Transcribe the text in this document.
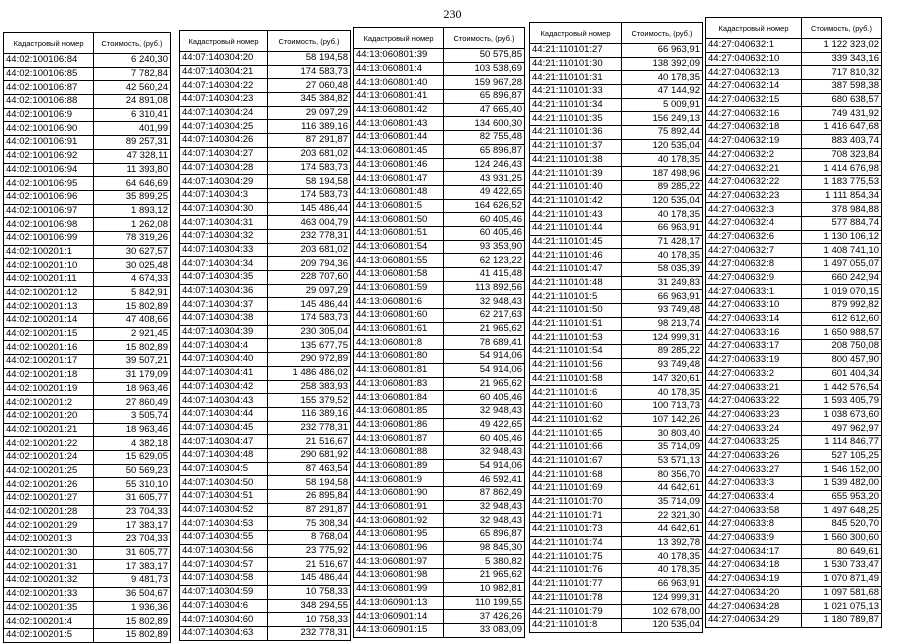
230
Кадастровый номер	Стоимость, (руб.)
44:02:100106:84	6 240,30
44:02:100106:85	7 782,84
44:02:100106:87	42 560,24
44:02:100106:88	24 891,08
44:02:100106:9	6 310,41
44:02:100106:90	401,99
44:02:100106:91	89 257,31
44:02:100106:92	47 328,11
44:02:100106:94	11 393,80
44:02:100106:95	64 646,69
44:02:100106:96	35 899,25
44:02:100106:97	1 893,12
44:02:100106:98	1 262,08
44:02:100106:99	78 319,26
44:02:100201:1	30 627,57
44:02:100201:10	30 025,48
44:02:100201:11	4 674,33
44:02:100201:12	5 842,91
44:02:100201:13	15 802,89
44:02:100201:14	47 408,66
44:02:100201:15	2 921,45
44:02:100201:16	15 802,89
44:02:100201:17	39 507,21
44:02:100201:18	31 179,09
44:02:100201:19	18 963,46
44:02:100201:2	27 860,49
44:02:100201:20	3 505,74
44:02:100201:21	18 963,46
44:02:100201:22	4 382,18
44:02:100201:24	15 629,05
44:02:100201:25	50 569,23
44:02:100201:26	55 310,10
44:02:100201:27	31 605,77
44:02:100201:28	23 704,33
44:02:100201:29	17 383,17
44:02:100201:3	23 704,33
44:02:100201:30	31 605,77
44:02:100201:31	17 383,17
44:02:100201:32	9 481,73
44:02:100201:33	36 504,67
44:02:100201:35	1 936,36
44:02:100201:4	15 802,89
44:02:100201:5	15 802,89
Кадастровый номер	Стоимость, (руб.)
44:07:140304:20	58 194,58
44:07:140304:21	174 583,73
44:07:140304:22	27 060,48
44:07:140304:23	345 384,82
44:07:140304:24	29 097,29
44:07:140304:25	116 389,16
44:07:140304:26	87 291,87
44:07:140304:27	203 681,02
44:07:140304:28	174 583,73
44:07:140304:29	58 194,58
44:07:140304:3	174 583,73
44:07:140304:30	145 486,44
44:07:140304:31	463 004,79
44:07:140304:32	232 778,31
44:07:140304:33	203 681,02
44:07:140304:34	209 794,36
44:07:140304:35	228 707,60
44:07:140304:36	29 097,29
44:07:140304:37	145 486,44
44:07:140304:38	174 583,73
44:07:140304:39	230 305,04
44:07:140304:4	135 677,75
44:07:140304:40	290 972,89
44:07:140304:41	1 486 486,02
44:07:140304:42	258 383,93
44:07:140304:43	155 379,52
44:07:140304:44	116 389,16
44:07:140304:45	232 778,31
44:07:140304:47	21 516,67
44:07:140304:48	290 681,92
44:07:140304:5	87 463,54
44:07:140304:50	58 194,58
44:07:140304:51	26 895,84
44:07:140304:52	87 291,87
44:07:140304:53	75 308,34
44:07:140304:55	8 768,04
44:07:140304:56	23 775,92
44:07:140304:57	21 516,67
44:07:140304:58	145 486,44
44:07:140304:59	10 758,33
44:07:140304:6	348 294,55
44:07:140304:60	10 758,33
44:07:140304:63	232 778,31
Кадастровый номер	Стоимость, (руб.)
44:13:060801:39	50 575,85
44:13:060801:4	103 538,69
44:13:060801:40	159 967,28
44:13:060801:41	65 896,87
44:13:060801:42	47 665,40
44:13:060801:43	134 600,30
44:13:060801:44	82 755,48
44:13:060801:45	65 896,87
44:13:060801:46	124 246,43
44:13:060801:47	43 931,25
44:13:060801:48	49 422,65
44:13:060801:5	164 626,52
44:13:060801:50	60 405,46
44:13:060801:51	60 405,46
44:13:060801:54	93 353,90
44:13:060801:55	62 123,22
44:13:060801:58	41 415,48
44:13:060801:59	113 892,56
44:13:060801:6	32 948,43
44:13:060801:60	62 217,63
44:13:060801:61	21 965,62
44:13:060801:8	78 689,41
44:13:060801:80	54 914,06
44:13:060801:81	54 914,06
44:13:060801:83	21 965,62
44:13:060801:84	60 405,46
44:13:060801:85	32 948,43
44:13:060801:86	49 422,65
44:13:060801:87	60 405,46
44:13:060801:88	32 948,43
44:13:060801:89	54 914,06
44:13:060801:9	46 592,41
44:13:060801:90	87 862,49
44:13:060801:91	32 948,43
44:13:060801:92	32 948,43
44:13:060801:95	65 896,87
44:13:060801:96	98 845,30
44:13:060801:97	5 380,82
44:13:060801:98	21 965,62
44:13:060801:99	10 982,81
44:13:060901:13	110 199,55
44:13:060901:14	37 426,26
44:13:060901:15	33 083,09
Кадастровый номер	Стоимость, (руб.)
44:21:110101:27	66 963,91
44:21:110101:30	138 392,09
44:21:110101:31	40 178,35
44:21:110101:33	47 144,92
44:21:110101:34	5 009,91
44:21:110101:35	156 249,13
44:21:110101:36	75 892,44
44:21:110101:37	120 535,04
44:21:110101:38	40 178,35
44:21:110101:39	187 498,96
44:21:110101:40	89 285,22
44:21:110101:42	120 535,04
44:21:110101:43	40 178,35
44:21:110101:44	66 963,91
44:21:110101:45	71 428,17
44:21:110101:46	40 178,35
44:21:110101:47	58 035,39
44:21:110101:48	31 249,83
44:21:110101:5	66 963,91
44:21:110101:50	93 749,48
44:21:110101:51	98 213,74
44:21:110101:53	124 999,31
44:21:110101:54	89 285,22
44:21:110101:56	93 749,48
44:21:110101:58	147 320,61
44:21:110101:6	40 178,35
44:21:110101:60	100 713,73
44:21:110101:62	107 142,26
44:21:110101:65	30 803,40
44:21:110101:66	35 714,09
44:21:110101:67	53 571,13
44:21:110101:68	80 356,70
44:21:110101:69	44 642,61
44:21:110101:70	35 714,09
44:21:110101:71	22 321,30
44:21:110101:73	44 642,61
44:21:110101:74	13 392,78
44:21:110101:75	40 178,35
44:21:110101:76	40 178,35
44:21:110101:77	66 963,91
44:21:110101:78	124 999,31
44:21:110101:79	102 678,00
44:21:110101:8	120 535,04
Кадастровый номер	Стоимость, (руб.)
44:27:040632:1	1 122 323,02
44:27:040632:10	339 343,16
44:27:040632:13	717 810,32
44:27:040632:14	387 598,38
44:27:040632:15	680 638,57
44:27:040632:16	749 431,92
44:27:040632:18	1 416 647,68
44:27:040632:19	883 403,74
44:27:040632:2	708 323,84
44:27:040632:21	1 414 676,98
44:27:040632:22	1 183 775,53
44:27:040632:23	1 111 854,34
44:27:040632:3	378 984,88
44:27:040632:4	577 884,74
44:27:040632:6	1 130 106,12
44:27:040632:7	1 408 741,10
44:27:040632:8	1 497 055,07
44:27:040632:9	660 242,94
44:27:040633:1	1 019 070,15
44:27:040633:10	879 992,82
44:27:040633:14	612 612,60
44:27:040633:16	1 650 988,57
44:27:040633:17	208 750,08
44:27:040633:19	800 457,90
44:27:040633:2	601 404,34
44:27:040633:21	1 442 576,54
44:27:040633:22	1 593 405,79
44:27:040633:23	1 038 673,60
44:27:040633:24	497 962,97
44:27:040633:25	1 114 846,77
44:27:040633:26	527 105,25
44:27:040633:27	1 546 152,00
44:27:040633:3	1 539 482,00
44:27:040633:4	655 953,20
44:27:040633:58	1 497 648,25
44:27:040633:8	845 520,70
44:27:040633:9	1 560 300,60
44:27:040634:17	80 649,61
44:27:040634:18	1 530 733,47
44:27:040634:19	1 070 871,49
44:27:040634:20	1 097 581,68
44:27:040634:28	1 021 075,13
44:27:040634:29	1 180 789,87
